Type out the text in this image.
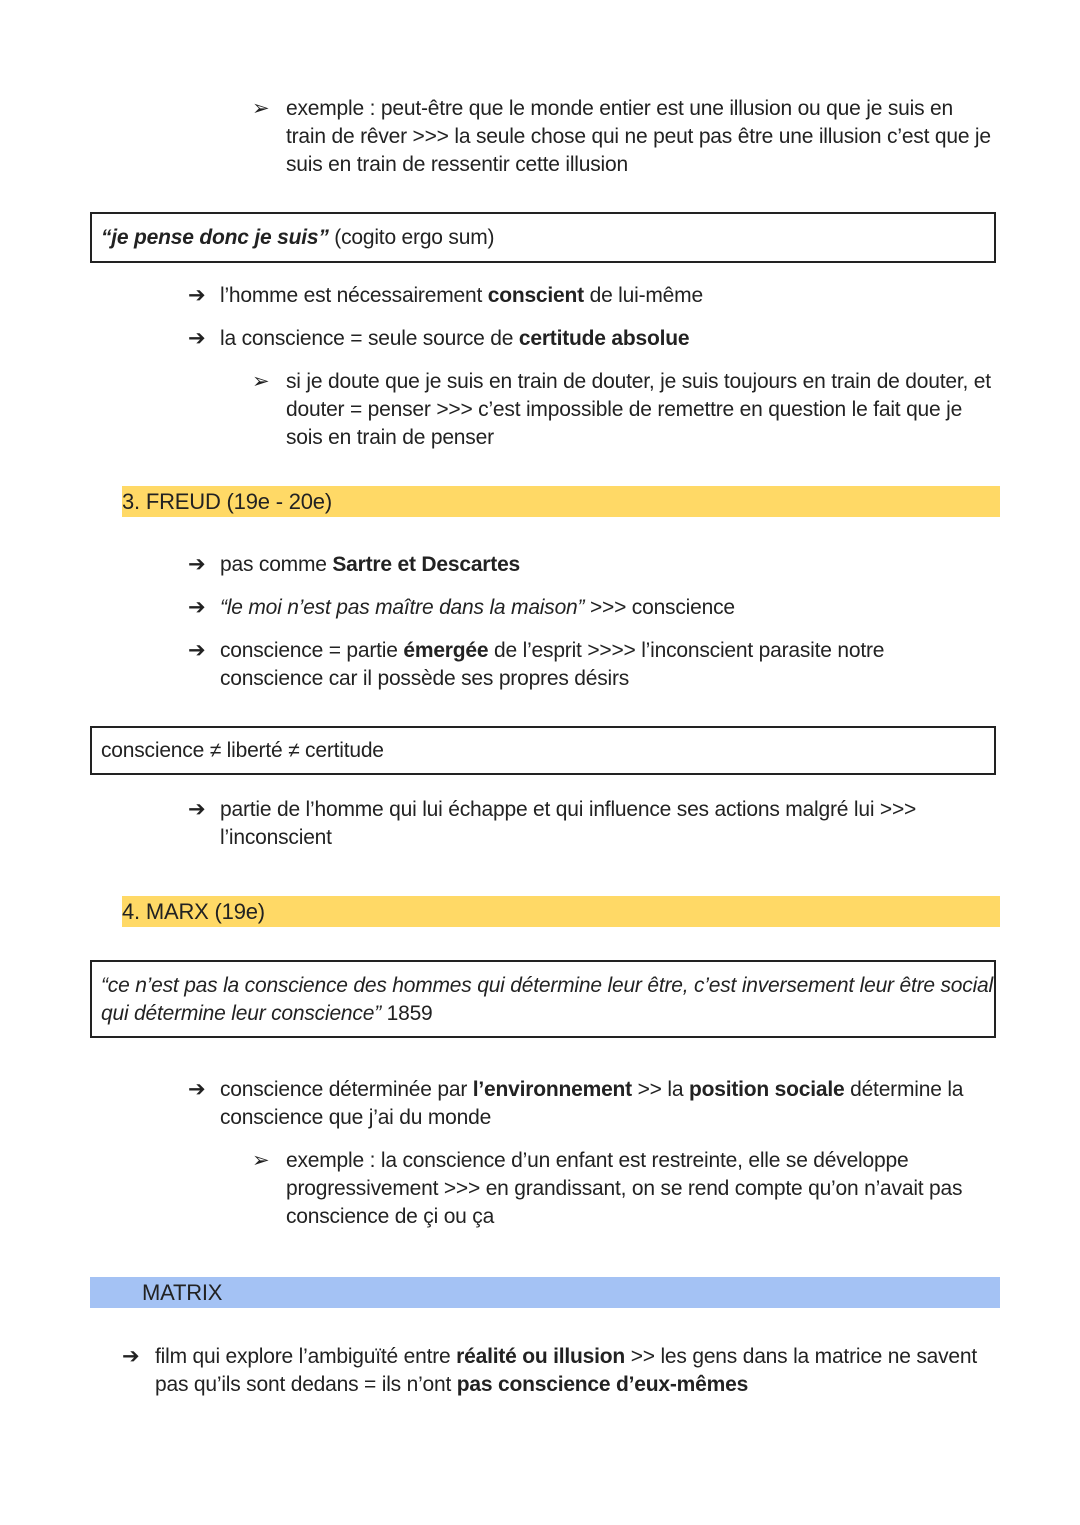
➢ exemple : peut-être que le monde entier est une illusion ou que je suis en
train de rêver >>> la seule chose qui ne peut pas être une illusion c’est que je
suis en train de ressentir cette illusion
“je pense donc je suis” (cogito ergo sum)
➔ l’homme est nécessairement conscient de lui-même
➔ la conscience = seule source de certitude absolue
➢ si je doute que je suis en train de douter, je suis toujours en train de douter, et
douter = penser >>> c’est impossible de remettre en question le fait que je
sois en train de penser
3. FREUD (19e - 20e)
➔ pas comme Sartre et Descartes
➔ “le moi n’est pas maître dans la maison” >>> conscience
➔ conscience = partie émergée de l’esprit >>>> l’inconscient parasite notre
conscience car il possède ses propres désirs
conscience ≠ liberté ≠ certitude
➔ partie de l’homme qui lui échappe et qui influence ses actions malgré lui >>>
l’inconscient
4. MARX (19e)
“ce n’est pas la conscience des hommes qui détermine leur être, c’est inversement leur être social
qui détermine leur conscience” 1859
➔ conscience déterminée par l’environnement >> la position sociale détermine la
conscience que j’ai du monde
➢ exemple : la conscience d’un enfant est restreinte, elle se développe
progressivement >>> en grandissant, on se rend compte qu’on n’avait pas
conscience de çi ou ça
MATRIX
➔ film qui explore l’ambiguïté entre réalité ou illusion >> les gens dans la matrice ne savent
pas qu’ils sont dedans = ils n’ont pas conscience d’eux-mêmes
